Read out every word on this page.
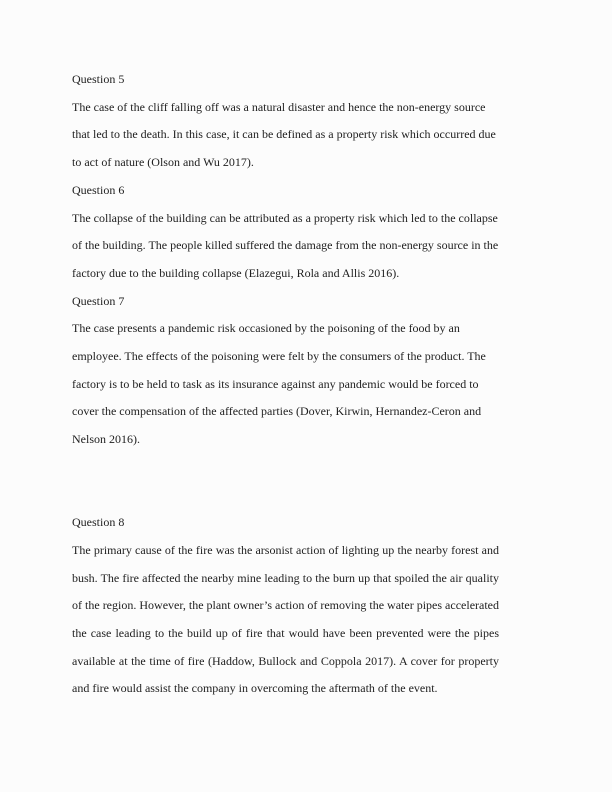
Question 5

The case of the cliff falling off was a natural disaster and hence the non-energy source that led to the death. In this case, it can be defined as a property risk which occurred due to act of nature (Olson and Wu 2017).

Question 6

The collapse of the building can be attributed as a property risk which led to the collapse of the building. The people killed suffered the damage from the non-energy source in the factory due to the building collapse (Elazegui, Rola and Allis 2016).

Question 7

The case presents a pandemic risk occasioned by the poisoning of the food by an employee. The effects of the poisoning were felt by the consumers of the product. The factory is to be held to task as its insurance against any pandemic would be forced to cover the compensation of the affected parties (Dover, Kirwin, Hernandez-Ceron and Nelson 2016).

Question 8

The primary cause of the fire was the arsonist action of lighting up the nearby forest and bush. The fire affected the nearby mine leading to the burn up that spoiled the air quality of the region. However, the plant owner’s action of removing the water pipes accelerated the case leading to the build up of fire that would have been prevented were the pipes available at the time of fire (Haddow, Bullock and Coppola 2017). A cover for property and fire would assist the company in overcoming the aftermath of the event.
